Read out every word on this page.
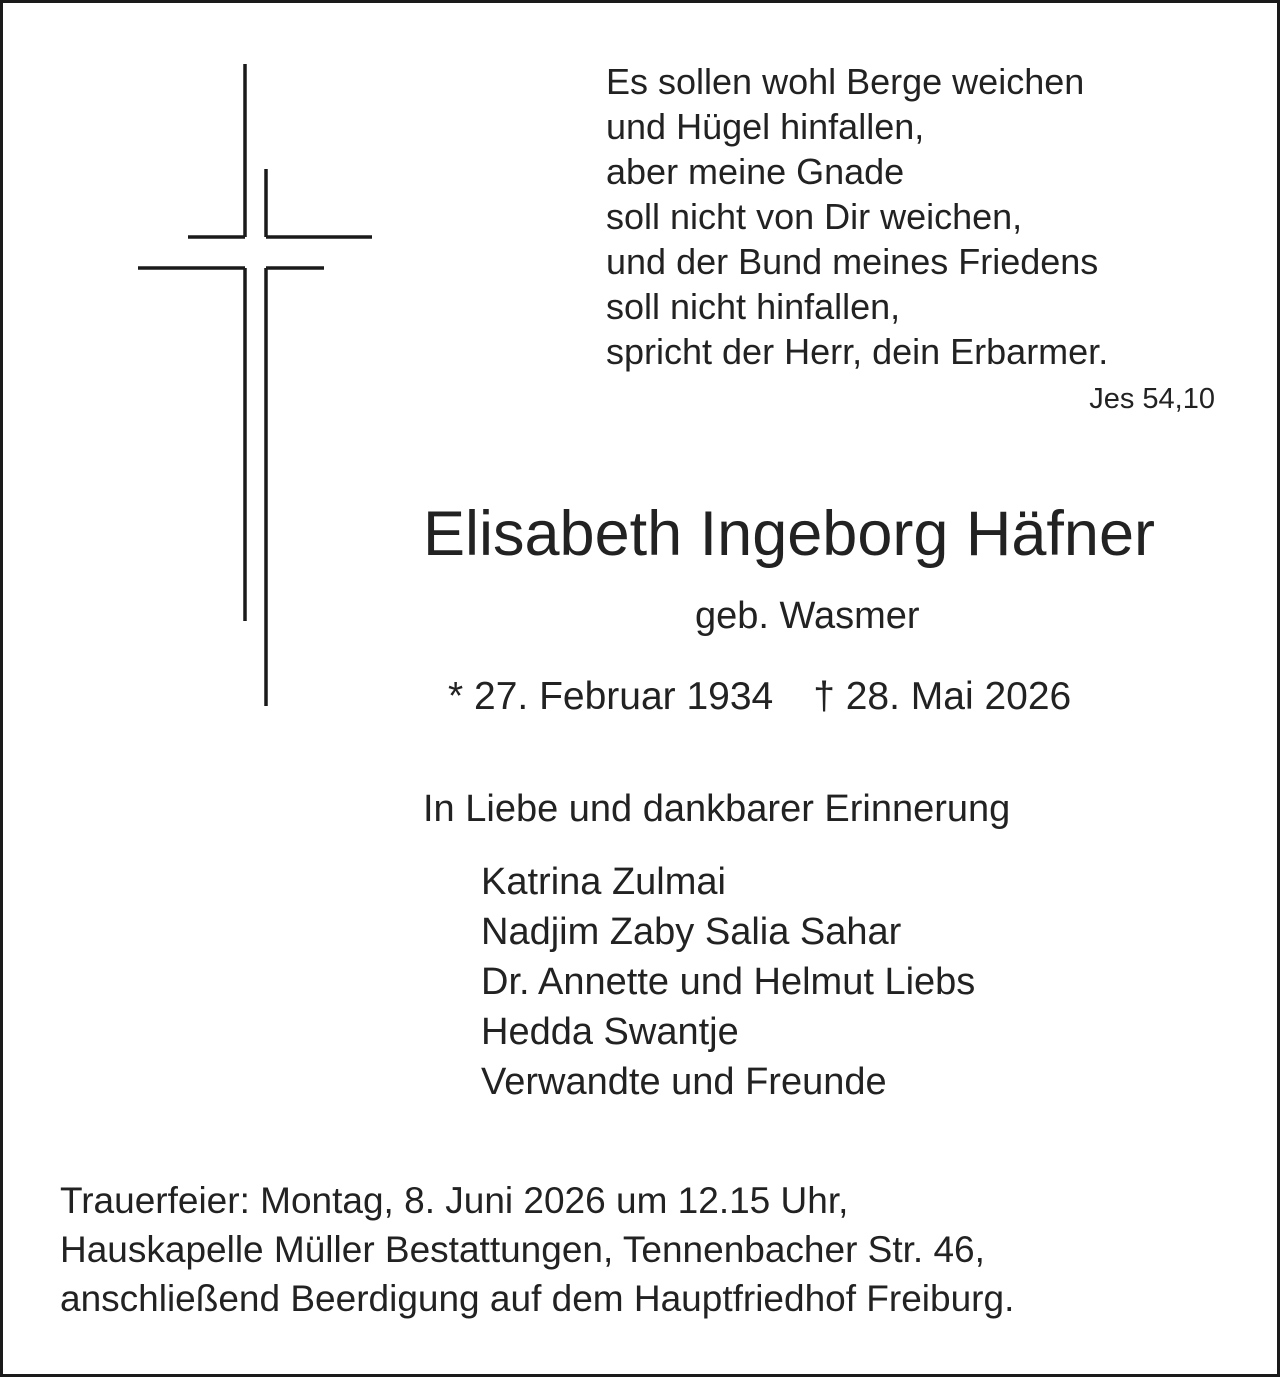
Es sollen wohl Berge weichen
und Hügel hinfallen,
aber meine Gnade
soll nicht von Dir weichen,
und der Bund meines Friedens
soll nicht hinfallen,
spricht der Herr, dein Erbarmer.
Jes 54,10
Elisabeth Ingeborg Häfner
geb. Wasmer
* 27. Februar 1934 † 28. Mai 2026
In Liebe und dankbarer Erinnerung
Katrina Zulmai
Nadjim Zaby Salia Sahar
Dr. Annette und Helmut Liebs
Hedda Swantje
Verwandte und Freunde
Trauerfeier: Montag, 8. Juni 2026 um 12.15 Uhr,
Hauskapelle Müller Bestattungen, Tennenbacher Str. 46,
anschließend Beerdigung auf dem Hauptfriedhof Freiburg.
